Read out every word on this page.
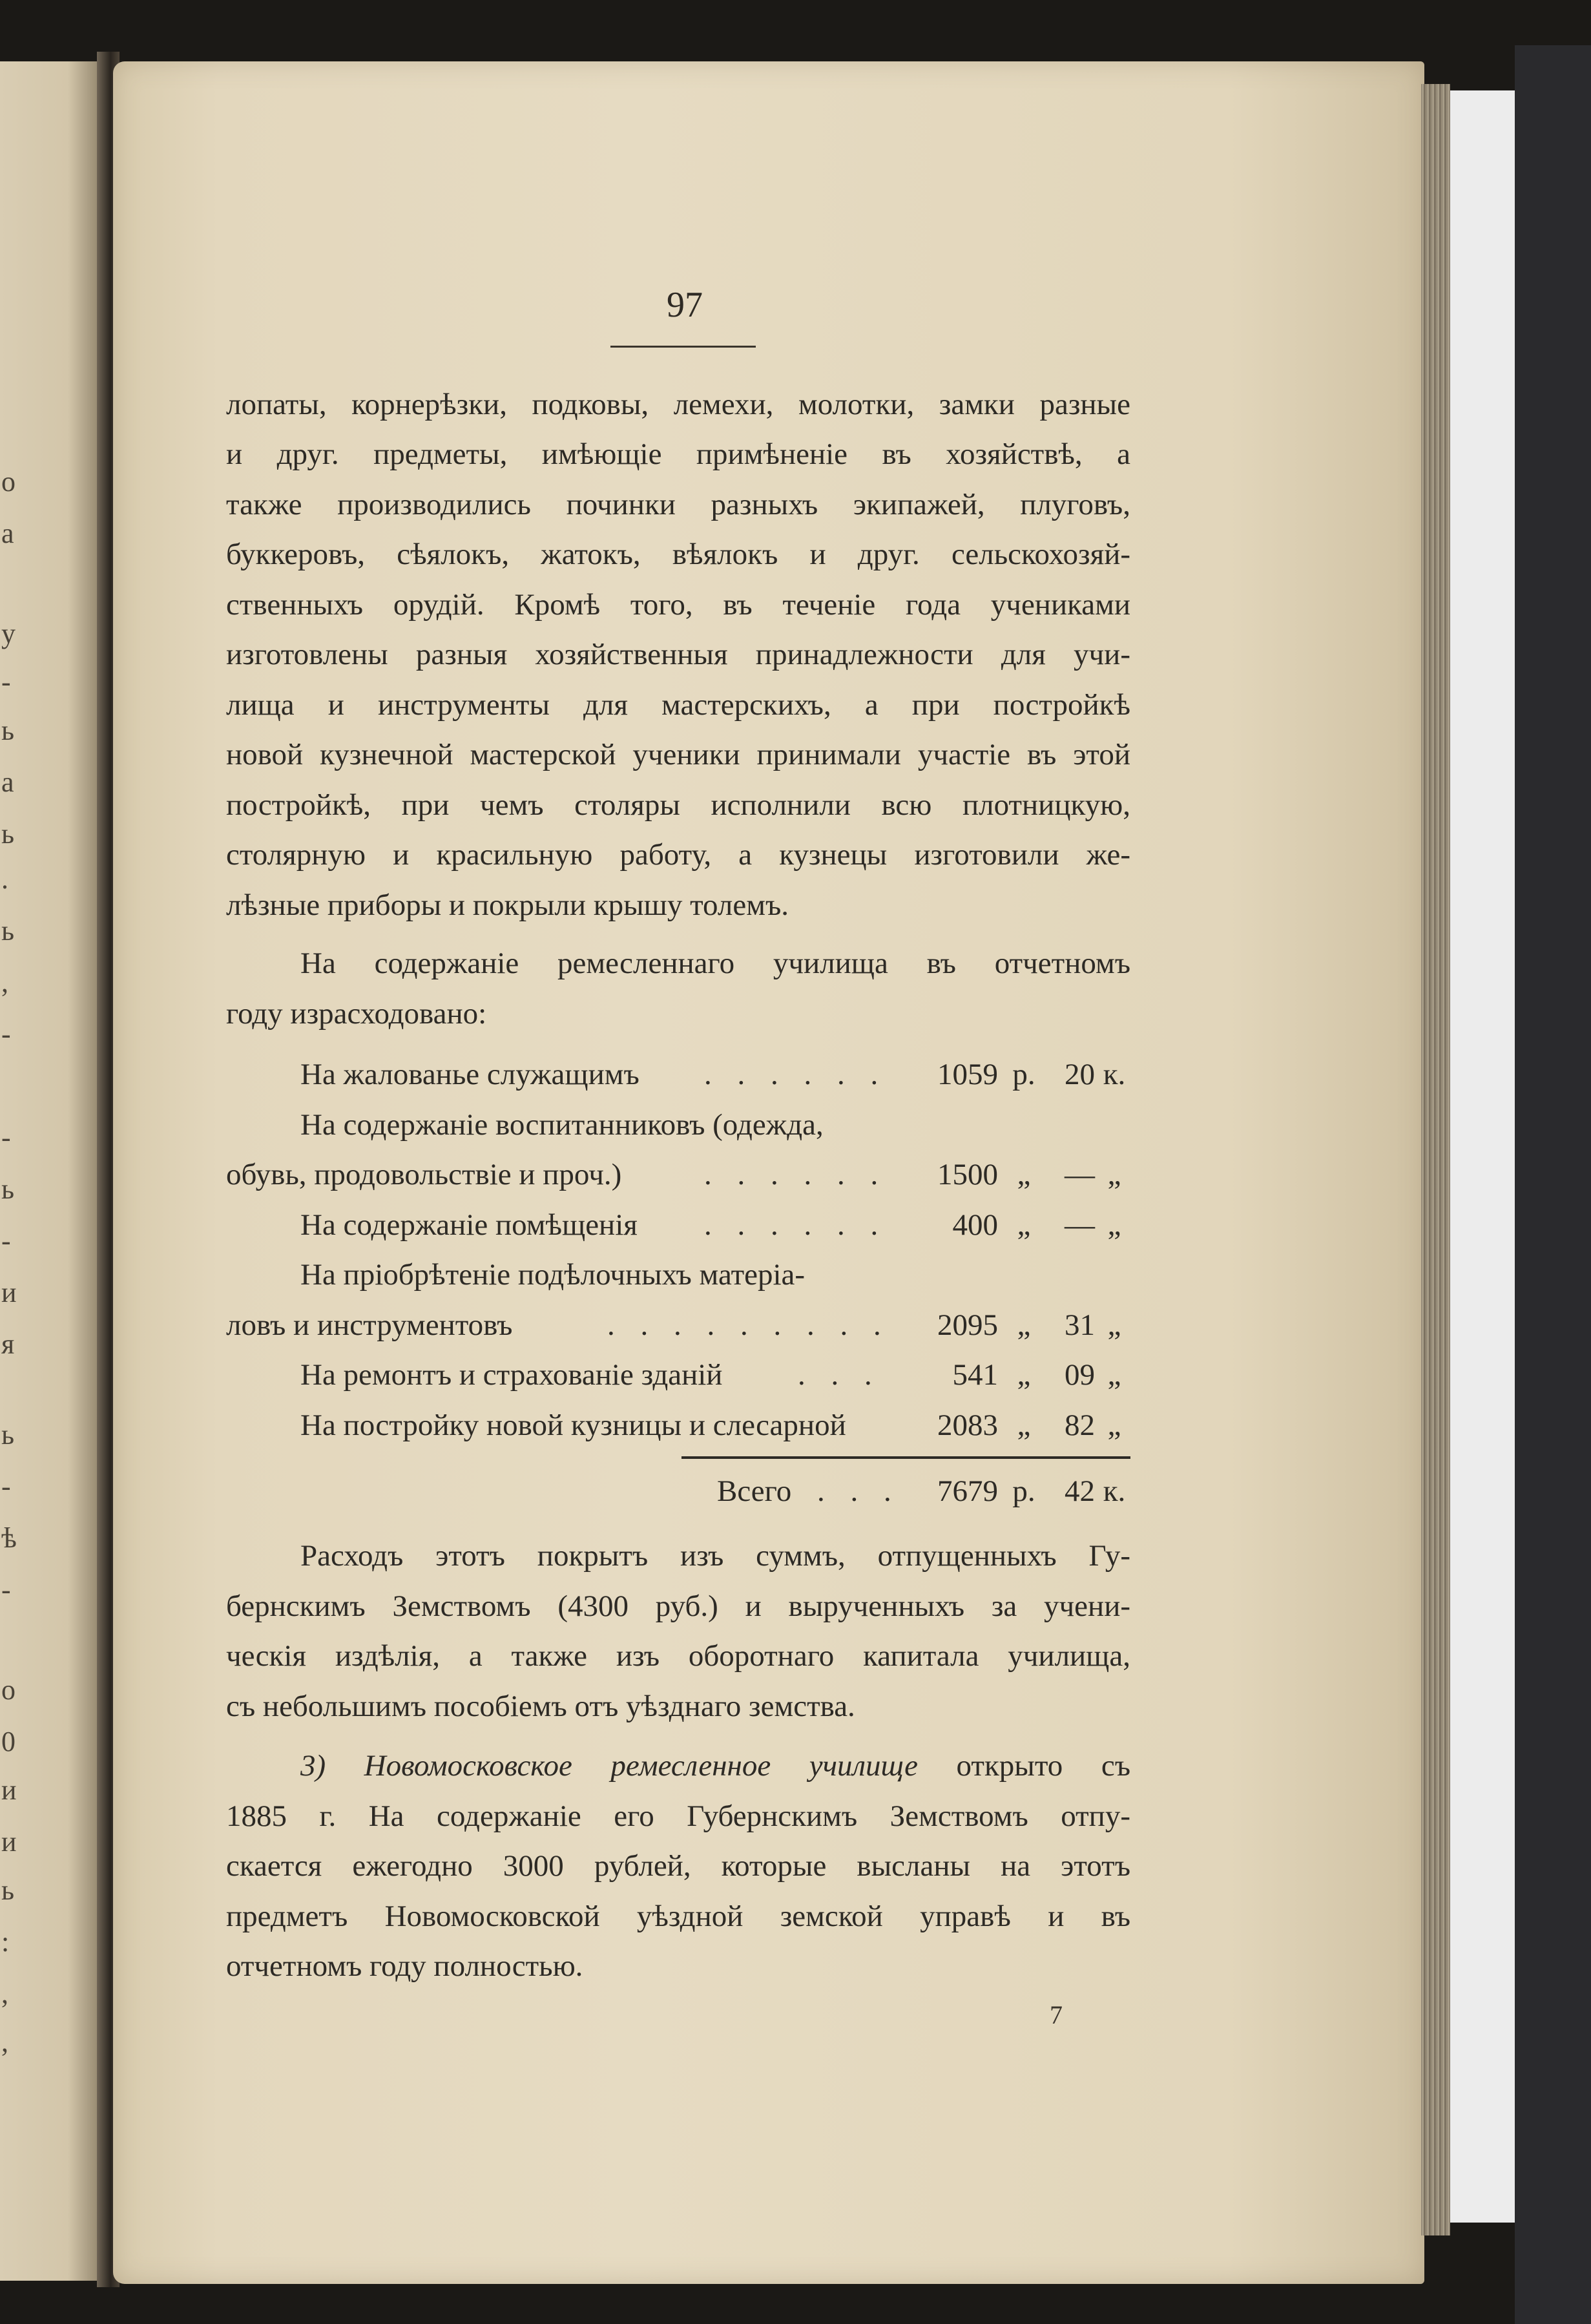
о
а
у
-
ь
а
ь
.
ь
,
-
-
ь
-
и
я
ь
-
ѣ
-
о
0
и
и
ь
:
,
,
97
лопаты, корнерѣзки, подковы, лемехи, молотки, замки разные
и друг. предметы, имѣющіе примѣненіе въ хозяйствѣ, а
также производились починки разныхъ экипажей, плуговъ,
буккеровъ, сѣялокъ, жатокъ, вѣялокъ и друг. сельскохозяй-
ственныхъ орудій. Кромѣ того, въ теченіе года учениками
изготовлены разныя хозяйственныя принадлежности для учи-
лища и инструменты для мастерскихъ, а при постройкѣ
новой кузнечной мастерской ученики принимали участіе въ этой
постройкѣ, при чемъ столяры исполнили всю плотницкую,
столярную и красильную работу, а кузнецы изготовили же-
лѣзные приборы и покрыли крышу толемъ.
На содержаніе ремесленнаго училища въ отчетномъ
году израсходовано:
На жалованье служащимъ . . . . . .	1059 р. 20 к.
На содержаніе воспитанниковъ (одежда,
обувь, продовольствіе и проч.)	. . . . . .	1500 „	— „
На содержаніе помѣщенія . . . . . .	400 „	— „
На пріобрѣтеніе подѣлочныхъ матеріа-
ловъ и инструментовъ	. . . . . . . . .	2095 „	31 „
На ремонтъ и страхованіе зданій . . .	541 „	09 „
На постройку новой кузницы и слесарной	2083 „	82 „
Всего . . .	7679 р. 42 к.
Расходъ этотъ покрытъ изъ суммъ, отпущенныхъ Гу-
бернскимъ Земствомъ (4300 руб.) и вырученныхъ за учени-
ческія издѣлія, а также изъ оборотнаго капитала училища,
съ небольшимъ пособіемъ отъ уѣзднаго земства.
3) Новомосковское ремесленное училище открыто съ
1885 г. На содержаніе его Губернскимъ Земствомъ отпу-
скается ежегодно 3000 рублей, которые высланы на этотъ
предметъ Новомосковской уѣздной земской управѣ и въ
отчетномъ году полностью.
7
